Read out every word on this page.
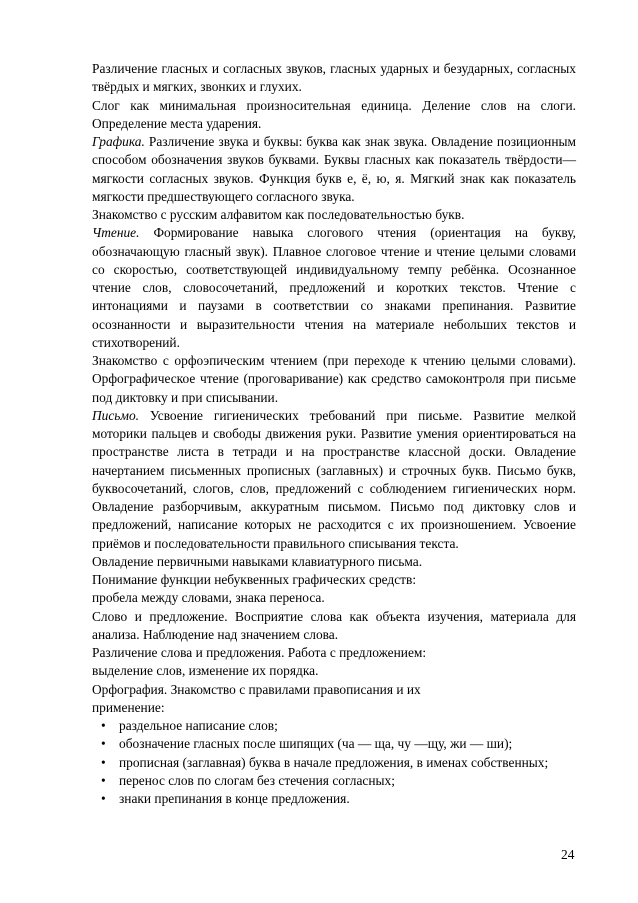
Различение гласных и согласных звуков, гласных ударных и безударных, согласных твёрдых и мягких, звонких и глухих.

Слог как минимальная произносительная единица. Деление слов на слоги. Определение места ударения.

Графика. Различение звука и буквы: буква как знак звука. Овладение позиционным способом обозначения звуков буквами. Буквы гласных как показатель твёрдости—мягкости согласных звуков. Функция букв е, ё, ю, я. Мягкий знак как показатель мягкости предшествующего согласного звука.

Знакомство с русским алфавитом как последовательностью букв.

Чтение. Формирование навыка слогового чтения (ориентация на букву, обозначающую гласный звук). Плавное слоговое чтение и чтение целыми словами со скоростью, соответствующей индивидуальному темпу ребёнка. Осознанное чтение слов, словосочетаний, предложений и коротких текстов. Чтение с интонациями и паузами в соответствии со знаками препинания. Развитие осознанности и выразительности чтения на материале небольших текстов и стихотворений.

Знакомство с орфоэпическим чтением (при переходе к чтению целыми словами). Орфографическое чтение (проговаривание) как средство самоконтроля при письме под диктовку и при списывании.

Письмо. Усвоение гигиенических требований при письме. Развитие мелкой моторики пальцев и свободы движения руки. Развитие умения ориентироваться на пространстве листа в тетради и на пространстве классной доски. Овладение начертанием письменных прописных (заглавных) и строчных букв. Письмо букв, буквосочетаний, слогов, слов, предложений с соблюдением гигиенических норм. Овладение разборчивым, аккуратным письмом. Письмо под диктовку слов и предложений, написание которых не расходится с их произношением. Усвоение приёмов и последовательности правильного списывания текста.

Овладение первичными навыками клавиатурного письма.

Понимание функции небуквенных графических средств:

пробела между словами, знака переноса.

Слово и предложение. Восприятие слова как объекта изучения, материала для анализа. Наблюдение над значением слова.

Различение слова и предложения. Работа с предложением:

выделение слов, изменение их порядка.

Орфография. Знакомство с правилами правописания и их

применение:

• раздельное написание слов;
• обозначение гласных после шипящих (ча — ща, чу —щу, жи — ши);
• прописная (заглавная) буква в начале предложения, в именах собственных;
• перенос слов по слогам без стечения согласных;
• знаки препинания в конце предложения.
24
